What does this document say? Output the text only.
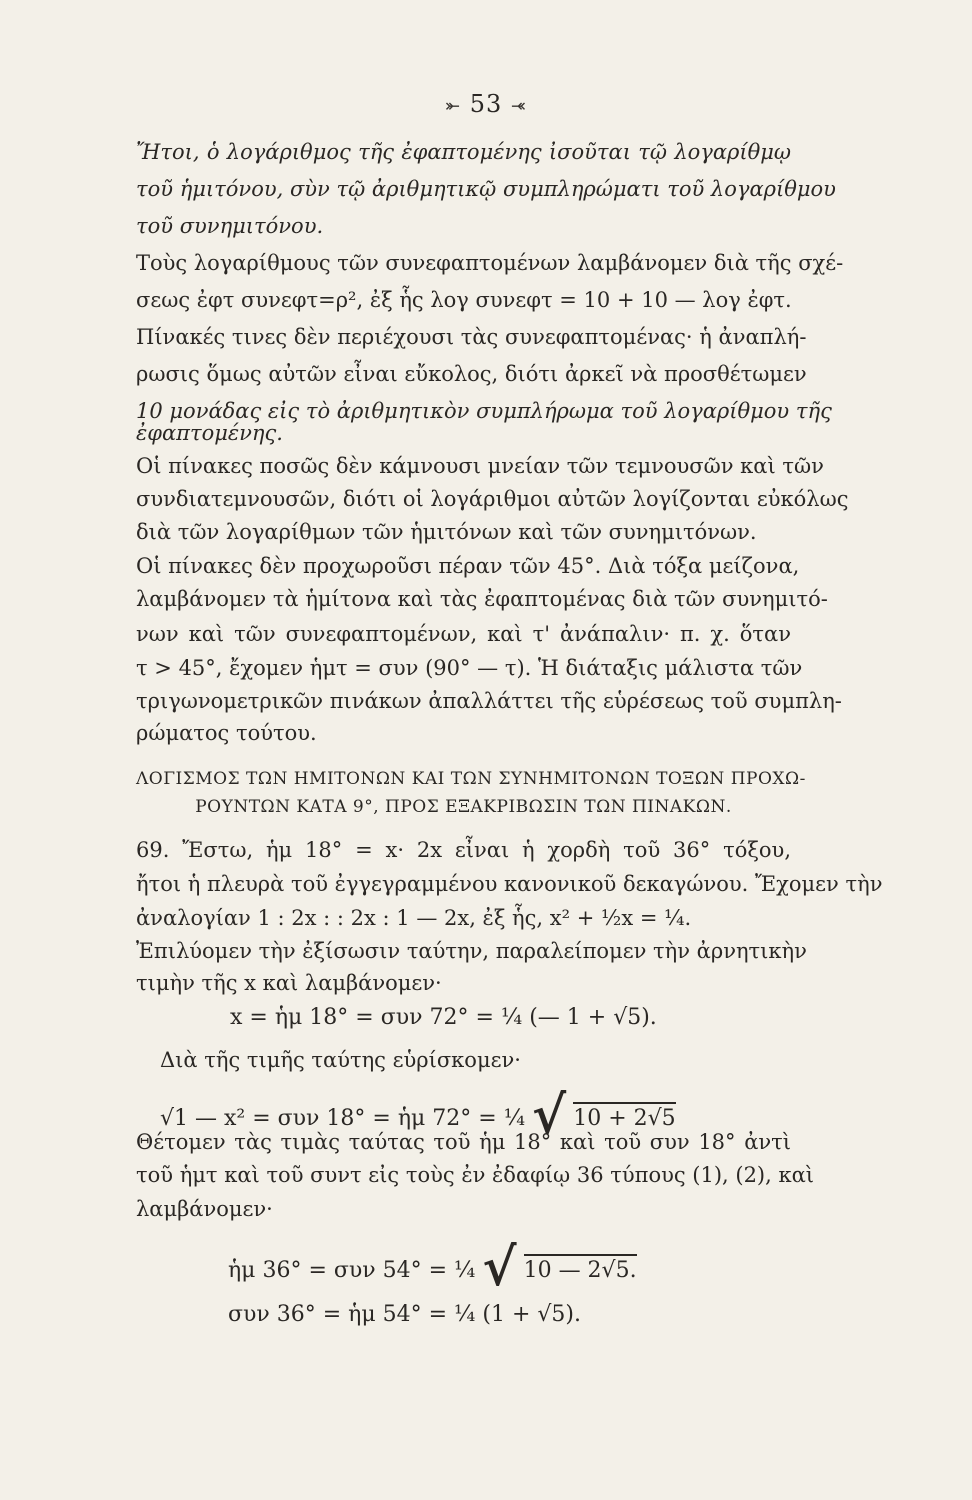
⤜ 53 ⤛
Ἤτοι, ὁ λογάριθμος τῆς ἐφαπτομένης ἰσοῦται τῷ λογαρίθμῳ
τοῦ ἡμιτόνου, σὺν τῷ ἀριθμητικῷ συμπληρώματι τοῦ λογαρίθμου
τοῦ συνημιτόνου.
Τοὺς λογαρίθμους τῶν συνεφαπτομένων λαμβάνομεν διὰ τῆς σχέ-
σεως ἐφτ συνεφτ=ρ², ἐξ ἧς λογ συνεφτ = 10 + 10 — λογ ἐφτ.
Πίνακές τινες δὲν περιέχουσι τὰς συνεφαπτομένας· ἡ ἀναπλή-
ρωσις ὅμως αὐτῶν εἶναι εὔκολος, διότι ἀρκεῖ νὰ προσθέτωμεν
10 μονάδας εἰς τὸ ἀριθμητικὸν συμπλήρωμα τοῦ λογαρίθμου τῆς
ἐφαπτομένης.
Οἱ πίνακες ποσῶς δὲν κάμνουσι μνείαν τῶν τεμνουσῶν καὶ τῶν
συνδιατεμνουσῶν, διότι οἱ λογάριθμοι αὐτῶν λογίζονται εὐκόλως
διὰ τῶν λογαρίθμων τῶν ἡμιτόνων καὶ τῶν συνημιτόνων.
Οἱ πίνακες δὲν προχωροῦσι πέραν τῶν 45°. Διὰ τόξα μείζονα,
λαμβάνομεν τὰ ἡμίτονα καὶ τὰς ἐφαπτομένας διὰ τῶν συνημιτό-
νων καὶ τῶν συνεφαπτομένων, καὶ τ' ἀνάπαλιν· π. χ. ὅταν
τ > 45°, ἔχομεν ἡμτ = συν (90° — τ). Ἡ διάταξις μάλιστα τῶν
τριγωνομετρικῶν πινάκων ἀπαλλάττει τῆς εὑρέσεως τοῦ συμπλη-
ρώματος τούτου.
ΛΟΓΙΣΜΟΣ ΤΩΝ ΗΜΙΤΟΝΩΝ ΚΑΙ ΤΩΝ ΣΥΝΗΜΙΤΟΝΩΝ ΤΟΞΩΝ ΠΡΟΧΩ-
ΡΟΥΝΤΩΝ ΚΑΤΑ 9°, ΠΡΟΣ ΕΞΑΚΡΙΒΩΣΙΝ ΤΩΝ ΠΙΝΑΚΩΝ.
69. Ἔστω, ἡμ 18° = x· 2x εἶναι ἡ χορδὴ τοῦ 36° τόξου,
ἤτοι ἡ πλευρὰ τοῦ ἐγγεγραμμένου κανονικοῦ δεκαγώνου. Ἔχομεν τὴν
ἀναλογίαν 1 : 2x : : 2x : 1 — 2x, ἐξ ἧς, x² + ½x = ¼.
Ἐπιλύομεν τὴν ἐξίσωσιν ταύτην, παραλείπομεν τὴν ἀρνητικὴν
τιμὴν τῆς x καὶ λαμβάνομεν·
x = ἡμ 18° = συν 72° = ¼ (— 1 + √5).
Διὰ τῆς τιμῆς ταύτης εὑρίσκομεν·
√1 — x² = συν 18° = ἡμ 72° = ¼ √ 10 + 2√5
Θέτομεν τὰς τιμὰς ταύτας τοῦ ἡμ 18° καὶ τοῦ συν 18° ἀντὶ
τοῦ ἡμτ καὶ τοῦ συντ εἰς τοὺς ἐν ἐδαφίῳ 36 τύπους (1), (2), καὶ
λαμβάνομεν·
ἡμ 36° = συν 54° = ¼ √ 10 — 2√5.
συν 36° = ἡμ 54° = ¼ (1 + √5).
